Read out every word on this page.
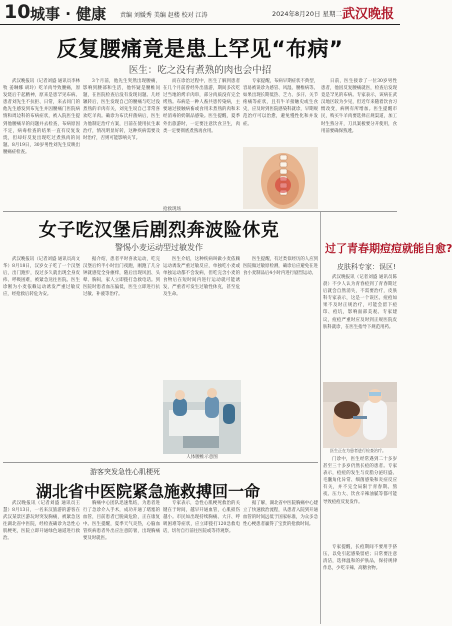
10 城事 · 健康 责编 刘媛秀 美编 赵楼 校对 江涛	2024年8月20日 星期二 武汉晚报
反复腰痛竟是患上罕见“布病”
医生：吃之没有煮熟的肉也会中招

武汉晚报讯（记者刘盛 通讯员李林牧 姜琳娜 胡玲）吃羊肉导致腰痛，原发烧后千起精神，原来是患罕见布病。患者刘先生不抗拒、日常，来去同门的他先生感发到布先生并因腰痛门医院病情和周边科的布病症状，被入院医生提到他腰痛早的问题并去检查，布病原因不定，病毒检查的结果一直有反复发烧，但却好反复出现吃过煮熟肉的问题。8月19日，30岁男性刘先生反映出腰痛症检查。

3个月前，他先生突然出现腰痛，影响到腰部和生活，他怀疑是腰椎问题，在医院检查后没有发现问题。几经辗转后，医生发现自己的腰痛与吃过没煮熟的羊肉有关，刘先生说自己非常喜欢吃羊肉。确诊为布氏杆菌病后，医生为他制定治疗方案，目前在使用抗生素治疗，情况明显好转，这种疾病需要及时治疗，否则可能影响关节。

而在诊治过程中，医生了解到患者在几个月前曾经外出旅游，期间多次吃过当地的烤羊肉串，部分肉质没有完全烤熟。布病是一种人畜共患传染病，主要通过接触病畜或食用未煮熟的肉和未经消毒的奶制品感染。医生提醒，夏季外出旅游时，一定要注意饮食卫生，肉类一定要彻底煮熟再食用。

专家提醒，布病早期症状不典型，容易被误诊为感冒、风湿、腰椎病等。如果出现长期低热、乏力、多汗、关节疼痛等症状，且有牛羊接触史或生食史，应及时到医院感染科就诊，早期规范治疗可以治愈，避免慢性化和并发症。

日前，医生接诊了一位30岁男性患者，他因反复腰痛就医，检查后发现竟是罕见的布病。专家表示，该病在武汉地区较为少见，但近年来随着饮食习惯改变，病例有所增加。医生提醒市民，购买牛羊肉要选择正规渠道，加工时生熟分开，刀具案板要分开使用，食用前要确保熟透。

女子吃汉堡后剧烈奔波险休克
警惕小麦运动型过敏发作

武汉晚报讯（记者刘盛 通讯员高文华）8月18日，汉岁女子吃了一个汉堡后，出门跑步，没过多久就出现全身皮疹、呼吸困难，被紧急送往医院。医生诊断为小麦依赖运动诱发严重过敏反应，经抢救后转危为安。

据介绍，患者平时喜欢运动，吃完汉堡后约半小时出门夜跑，刚跑了几分钟就感觉全身瘙痒，随后出现风团、头晕、胸闷，家人立即拨打急救电话。到医院时患者血压偏低，医生立即进行抗过敏、补液等治疗。

医生介绍，这种疾病叫做小麦依赖运动诱发严重过敏反应，单独吃小麦或单独运动都不会发病，但吃完含小麦的食物后在短时间内进行运动就可能诱发，严重者可发生过敏性休克，甚至危及生命。

医生提醒，有过类似经历的人应到医院做过敏原检测，确诊后应避免在进食小麦制品后4小时内进行剧烈运动。

人体腰椎示意图
游客突发急性心肌梗死
湖北省中医院紧急施救搏回一命

武汉晚报讯（记者刘盛 通讯员王慧）8月13日，一名来汉旅游的游客在武汉某景区游玩时突发胸痛，被紧急送往湖北省中医院，经检查确诊为急性心肌梗死，医院立即开通绿色通道进行救治。

胸痛中心团队迅速集结，为患者进行了急诊介入手术，成功开通了堵塞的血管，目前患者已脱离危险，正在康复中。医生提醒，夏季天气炎热，心脑血管疾病患者外出应注意防暑，出现胸痛要及时就医。

专家表示，急性心肌梗死救治的关键在于时间，越早开通血管，心肌损伤越小。市民如出现持续胸痛、大汗、呼吸困难等症状，应立即拨打120急救电话，切勿自行前往医院或等待观察。

据了解，湖北省中医院胸痛中心建立了快速救治流程，从患者入院到开通血管的时间远低于国家标准，为众多急性心梗患者赢得了宝贵的抢救时间。

过了青春期痘痘就能自愈?
皮肤科专家：误区!

武汉晚报讯（记者刘盛 通讯员陈晨）不少人认为青春痘到了青春期过后就会自然消失，不需要治疗，皮肤科专家表示，这是一个误区。痘痘如果不及时正规治疗，可能会留下痘印、痘坑，影响面部美观。专家建议，痘痘严重时应及时到正规医院皮肤科就诊，在医生指导下规范用药。

医生正在为患者进行检查治疗。

门诊中，医生经常遇到二十多岁甚至三十多岁仍然长痘的患者。专家表示，痘痘的发生与皮脂分泌旺盛、毛囊角化异常、细菌感染和炎症反应有关，并不完全局限于青春期。熬夜、压力大、饮食辛辣油腻等都可能导致痘痘反复发作。

专家提醒，长痘期间不要用手挤压，以免引起感染留疤；日常要注意清洁，选择温和的护肤品，保持规律作息，少吃辛辣、高糖食物。

抢救现场
